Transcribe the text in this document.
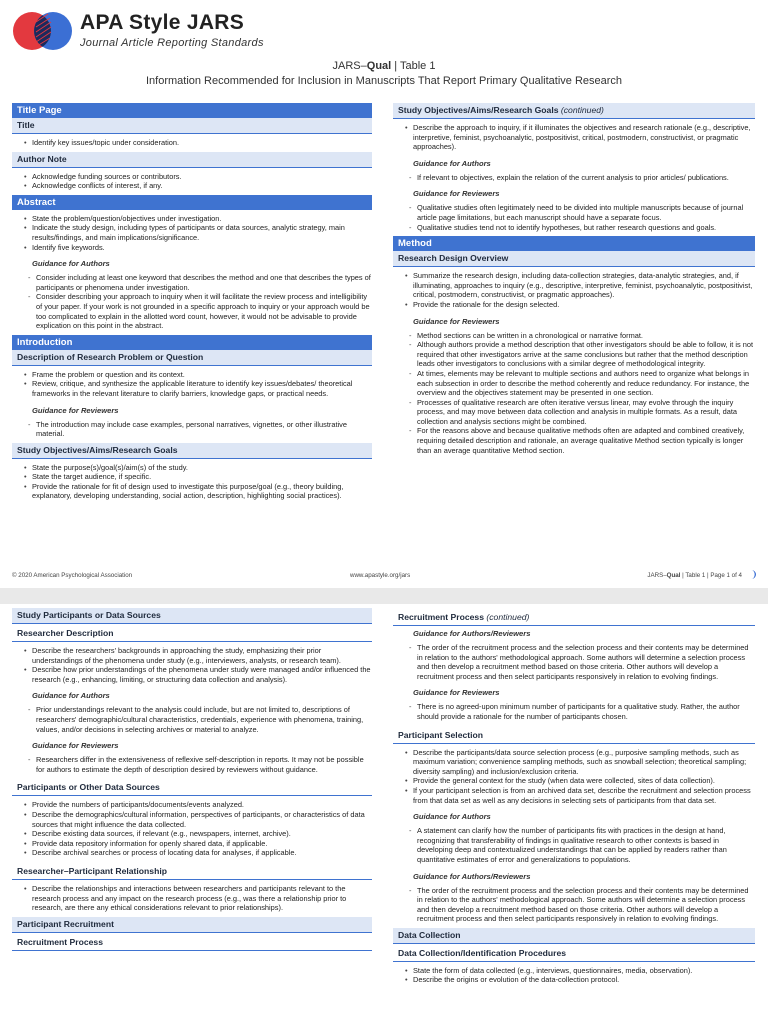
APA Style JARS
Journal Article Reporting Standards
JARS–Qual | Table 1
Information Recommended for Inclusion in Manuscripts That Report Primary Qualitative Research
Title Page
Title
• Identify key issues/topic under consideration.
Author Note
• Acknowledge funding sources or contributors.
• Acknowledge conflicts of interest, if any.
Abstract
• State the problem/question/objectives under investigation.
• Indicate the study design, including types of participants or data sources, analytic strategy, main results/findings, and main implications/significance.
• Identify five keywords.
Guidance for Authors
- Consider including at least one keyword that describes the method and one that describes the types of participants or phenomena under investigation.
- Consider describing your approach to inquiry when it will facilitate the review process and intelligibility of your paper. If your work is not grounded in a specific approach to inquiry or your approach would be too complicated to explain in the allotted word count, however, it would not be advisable to provide explication on this point in the abstract.
Introduction
Description of Research Problem or Question
• Frame the problem or question and its context.
• Review, critique, and synthesize the applicable literature to identify key issues/debates/ theoretical frameworks in the relevant literature to clarify barriers, knowledge gaps, or practical needs.
Guidance for Reviewers
- The introduction may include case examples, personal narratives, vignettes, or other illustrative material.
Study Objectives/Aims/Research Goals
• State the purpose(s)/goal(s)/aim(s) of the study.
• State the target audience, if specific.
• Provide the rationale for fit of design used to investigate this purpose/goal (e.g., theory building, explanatory, developing understanding, social action, description, highlighting social practices).
Study Objectives/Aims/Research Goals (continued)
• Describe the approach to inquiry, if it illuminates the objectives and research rationale (e.g., descriptive, interpretive, feminist, psychoanalytic, postpositivist, critical, postmodern, constructivist, or pragmatic approaches).
Guidance for Authors
- If relevant to objectives, explain the relation of the current analysis to prior articles/ publications.
Guidance for Reviewers
- Qualitative studies often legitimately need to be divided into multiple manuscripts because of journal article page limitations, but each manuscript should have a separate focus.
- Qualitative studies tend not to identify hypotheses, but rather research questions and goals.
Method
Research Design Overview
• Summarize the research design, including data-collection strategies, data-analytic strategies, and, if illuminating, approaches to inquiry (e.g., descriptive, interpretive, feminist, psychoanalytic, postpositivist, critical, postmodern, constructivist, or pragmatic approaches).
• Provide the rationale for the design selected.
Guidance for Reviewers
- Method sections can be written in a chronological or narrative format.
- Although authors provide a method description that other investigators should be able to follow, it is not required that other investigators arrive at the same conclusions but rather that the method description leads other investigators to conclusions with a similar degree of methodological integrity.
- At times, elements may be relevant to multiple sections and authors need to organize what belongs in each subsection in order to describe the method coherently and reduce redundancy. For instance, the overview and the objectives statement may be presented in one section.
- Processes of qualitative research are often iterative versus linear, may evolve through the inquiry process, and may move between data collection and analysis in multiple formats. As a result, data collection and analysis sections might be combined.
- For the reasons above and because qualitative methods often are adapted and combined creatively, requiring detailed description and rationale, an average qualitative Method section typically is longer than an average quantitative Method section.
© 2020 American Psychological Association	www.apastyle.org/jars	JARS–Qual | Table 1 | Page 1 of 4
Study Participants or Data Sources
Researcher Description
• Describe the researchers' backgrounds in approaching the study, emphasizing their prior understandings of the phenomena under study (e.g., interviewers, analysts, or research team).
• Describe how prior understandings of the phenomena under study were managed and/or influenced the research (e.g., enhancing, limiting, or structuring data collection and analysis).
Guidance for Authors
- Prior understandings relevant to the analysis could include, but are not limited to, descriptions of researchers' demographic/cultural characteristics, credentials, experience with phenomena, training, values, and/or decisions in selecting archives or material to analyze.
Guidance for Reviewers
- Researchers differ in the extensiveness of reflexive self-description in reports. It may not be possible for authors to estimate the depth of description desired by reviewers without guidance.
Participants or Other Data Sources
• Provide the numbers of participants/documents/events analyzed.
• Describe the demographics/cultural information, perspectives of participants, or characteristics of data sources that might influence the data collected.
• Describe existing data sources, if relevant (e.g., newspapers, internet, archive).
• Provide data repository information for openly shared data, if applicable.
• Describe archival searches or process of locating data for analyses, if applicable.
Researcher–Participant Relationship
• Describe the relationships and interactions between researchers and participants relevant to the research process and any impact on the research process (e.g., was there a relationship prior to research, are there any ethical considerations relevant to prior relationships).
Participant Recruitment
Recruitment Process
Recruitment Process (continued)
Guidance for Authors/Reviewers
- The order of the recruitment process and the selection process and their contents may be determined in relation to the authors' methodological approach. Some authors will determine a selection process and then develop a recruitment method based on those criteria. Other authors will develop a recruitment process and then select participants responsively in relation to evolving findings.
Guidance for Reviewers
- There is no agreed-upon minimum number of participants for a qualitative study. Rather, the author should provide a rationale for the number of participants chosen.
Participant Selection
• Describe the participants/data source selection process (e.g., purposive sampling methods, such as maximum variation; convenience sampling methods, such as snowball selection; theoretical sampling; diversity sampling) and inclusion/exclusion criteria.
• Provide the general context for the study (when data were collected, sites of data collection).
• If your participant selection is from an archived data set, describe the recruitment and selection process from that data set as well as any decisions in selecting sets of participants from that data set.
Guidance for Authors
- A statement can clarify how the number of participants fits with practices in the design at hand, recognizing that transferability of findings in qualitative research to other contexts is based in developing deep and contextualized understandings that can be applied by readers rather than quantitative estimates of error and generalizations to populations.
Guidance for Authors/Reviewers
- The order of the recruitment process and the selection process and their contents may be determined in relation to the authors' methodological approach. Some authors will determine a selection process and then develop a recruitment method based on those criteria. Other authors will develop a recruitment process and then select participants responsively in relation to evolving findings.
Data Collection
Data Collection/Identification Procedures
• State the form of data collected (e.g., interviews, questionnaires, media, observation).
• Describe the origins or evolution of the data-collection protocol.
